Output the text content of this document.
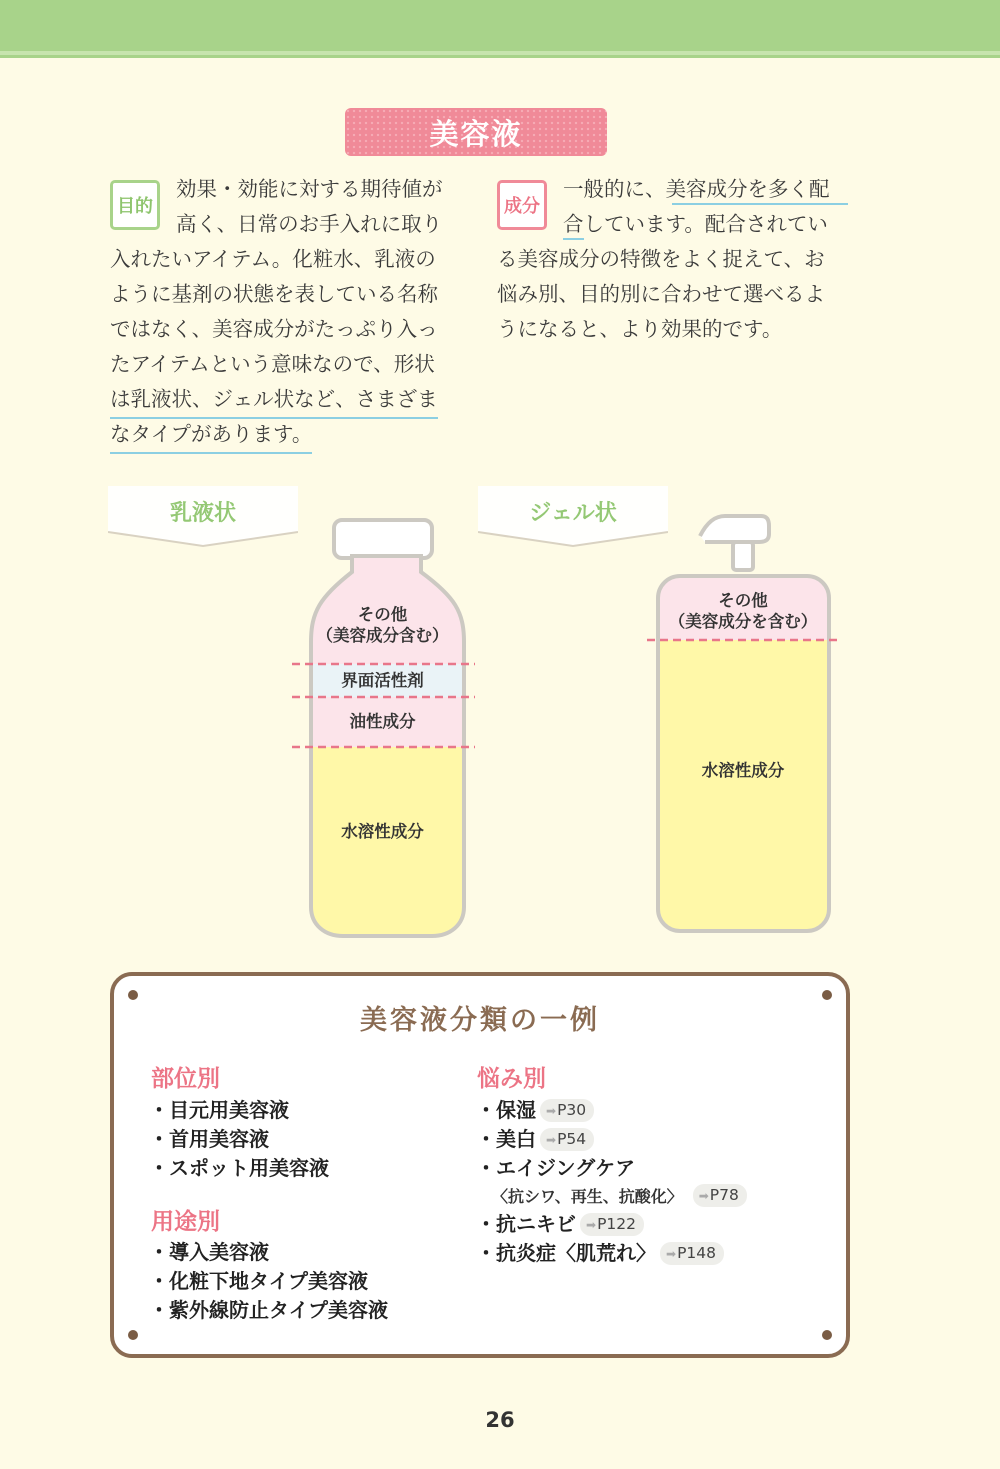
美容液
目的
効果・効能に対する期待値が
高く、日常のお手入れに取り
入れたいアイテム。化粧水、乳液の
ように基剤の状態を表している名称
ではなく、美容成分がたっぷり入っ
たアイテムという意味なので、形状
は乳液状、ジェル状など、さまざま
なタイプがあります。
成分
一般的に、美容成分を多く配
合しています。配合されてい
る美容成分の特徴をよく捉えて、お
悩み別、目的別に合わせて選べるよ
うになると、より効果的です。
乳液状	ジェル状
その他
（美容成分含む）
界面活性剤
油性成分
水溶性成分
その他
（美容成分を含む）
水溶性成分
美容液分類の一例
部位別
・目元用美容液
・首用美容液
・スポット用美容液
用途別
・導入美容液
・化粧下地タイプ美容液
・紫外線防止タイプ美容液
悩み別
・保湿 ➡P30
・美白 ➡P54
・エイジングケア
〈抗シワ、再生、抗酸化〉 ➡P78
・抗ニキビ ➡P122
・抗炎症〈肌荒れ〉 ➡P148
26
